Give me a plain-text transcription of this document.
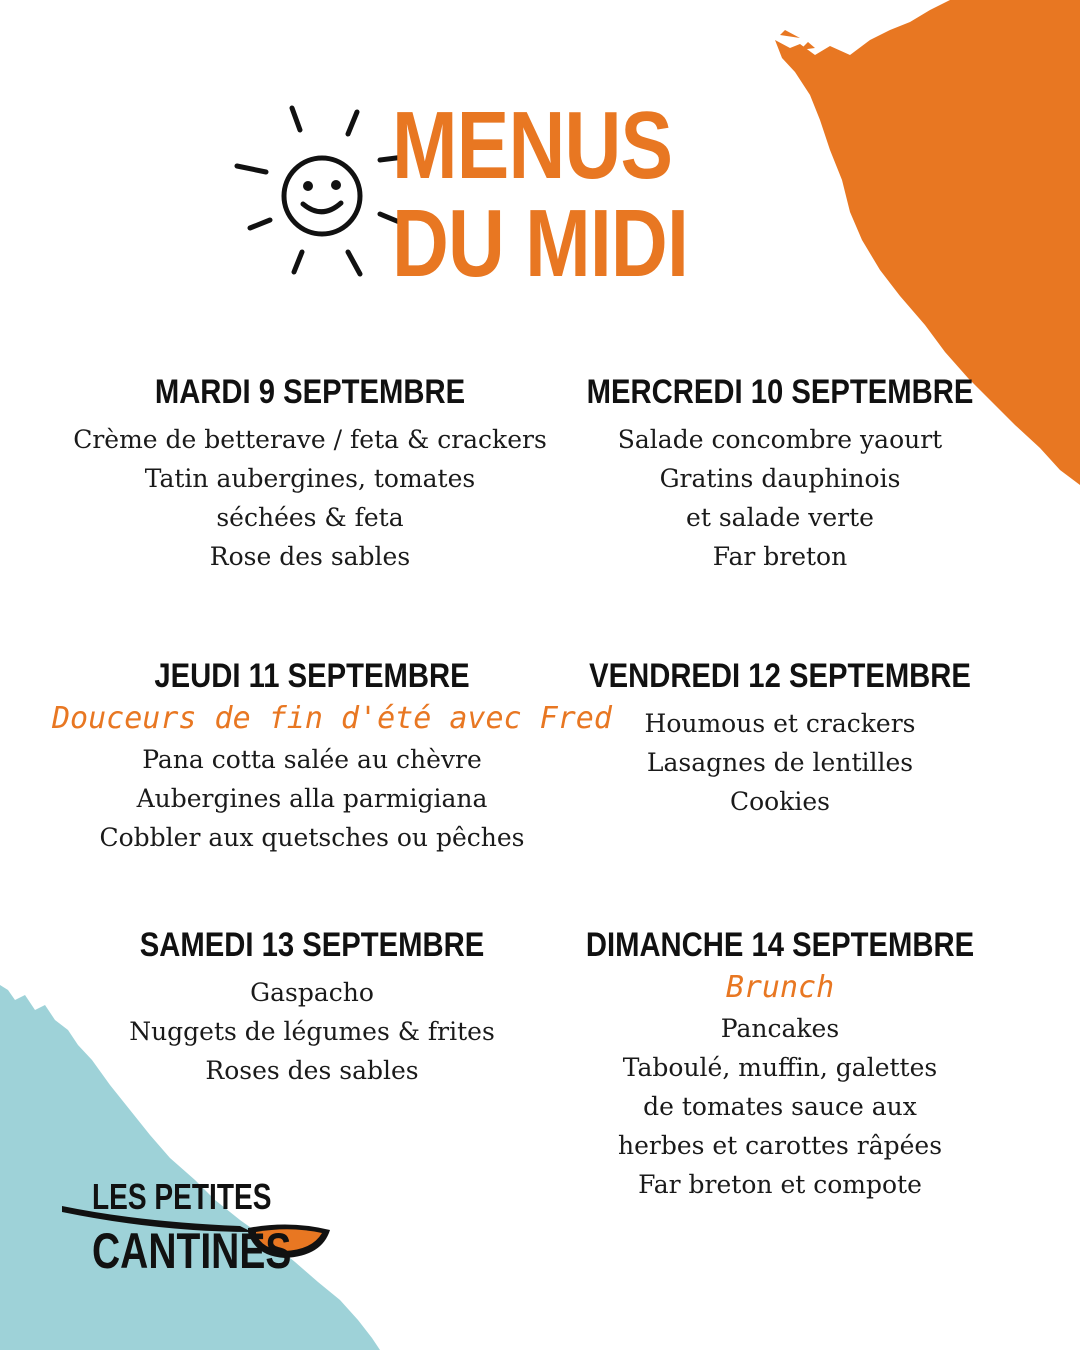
MENUS
DU MIDI
MARDI 9 SEPTEMBRE
Crème de betterave / feta & crackers
Tatin aubergines, tomates
séchées & feta
Rose des sables
MERCREDI 10 SEPTEMBRE
Salade concombre yaourt
Gratins dauphinois
et salade verte
Far breton
JEUDI 11 SEPTEMBRE
Douceurs de fin d'été avec Fred
Pana cotta salée au chèvre
Aubergines alla parmigiana
Cobbler aux quetsches ou pêches
VENDREDI 12 SEPTEMBRE
Houmous et crackers
Lasagnes de lentilles
Cookies
SAMEDI 13 SEPTEMBRE
Gaspacho
Nuggets de légumes & frites
Roses des sables
DIMANCHE 14 SEPTEMBRE
Brunch
Pancakes
Taboulé, muffin, galettes
de tomates sauce aux
herbes et carottes râpées
Far breton et compote
LES PETITES
CANTINES
